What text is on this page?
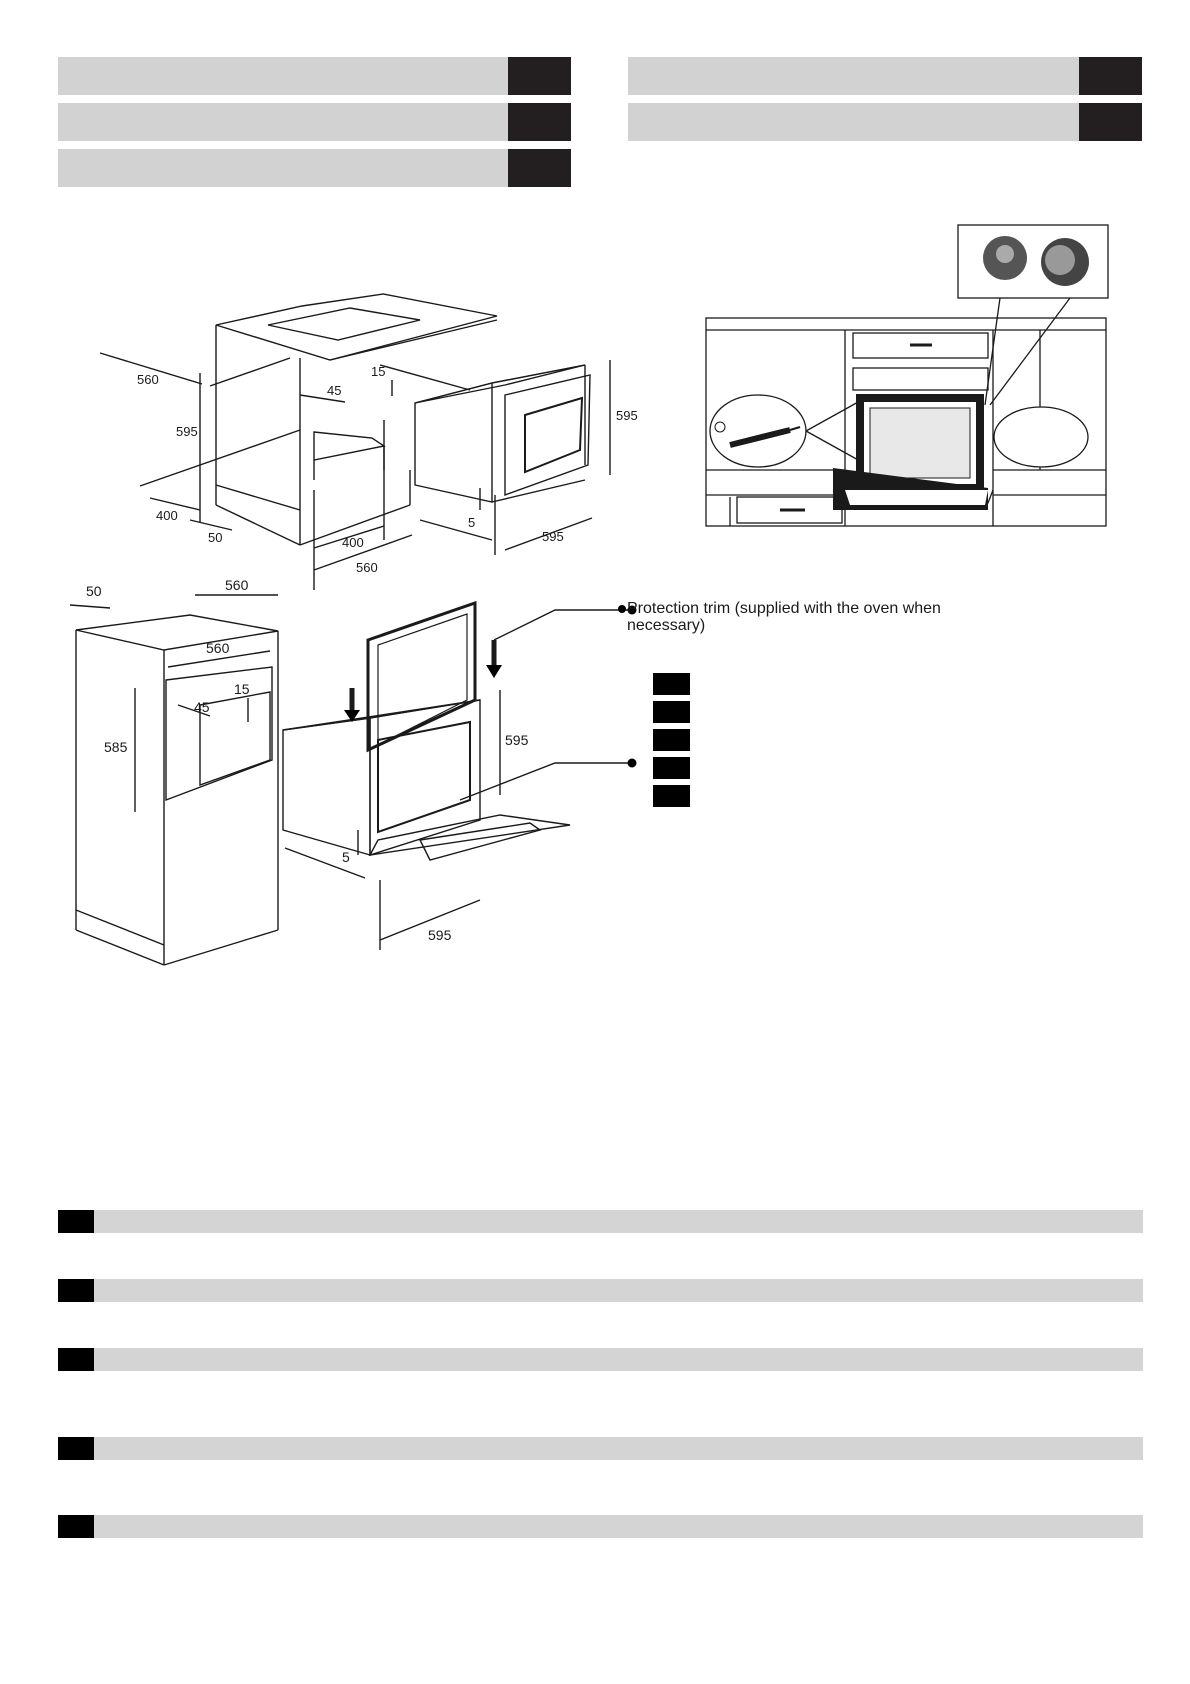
560
595
400
50
45
15
400
560
595
5
595
50	560
560
15
45
585	595
5
595
Protection trim (supplied with the oven when necessary)
